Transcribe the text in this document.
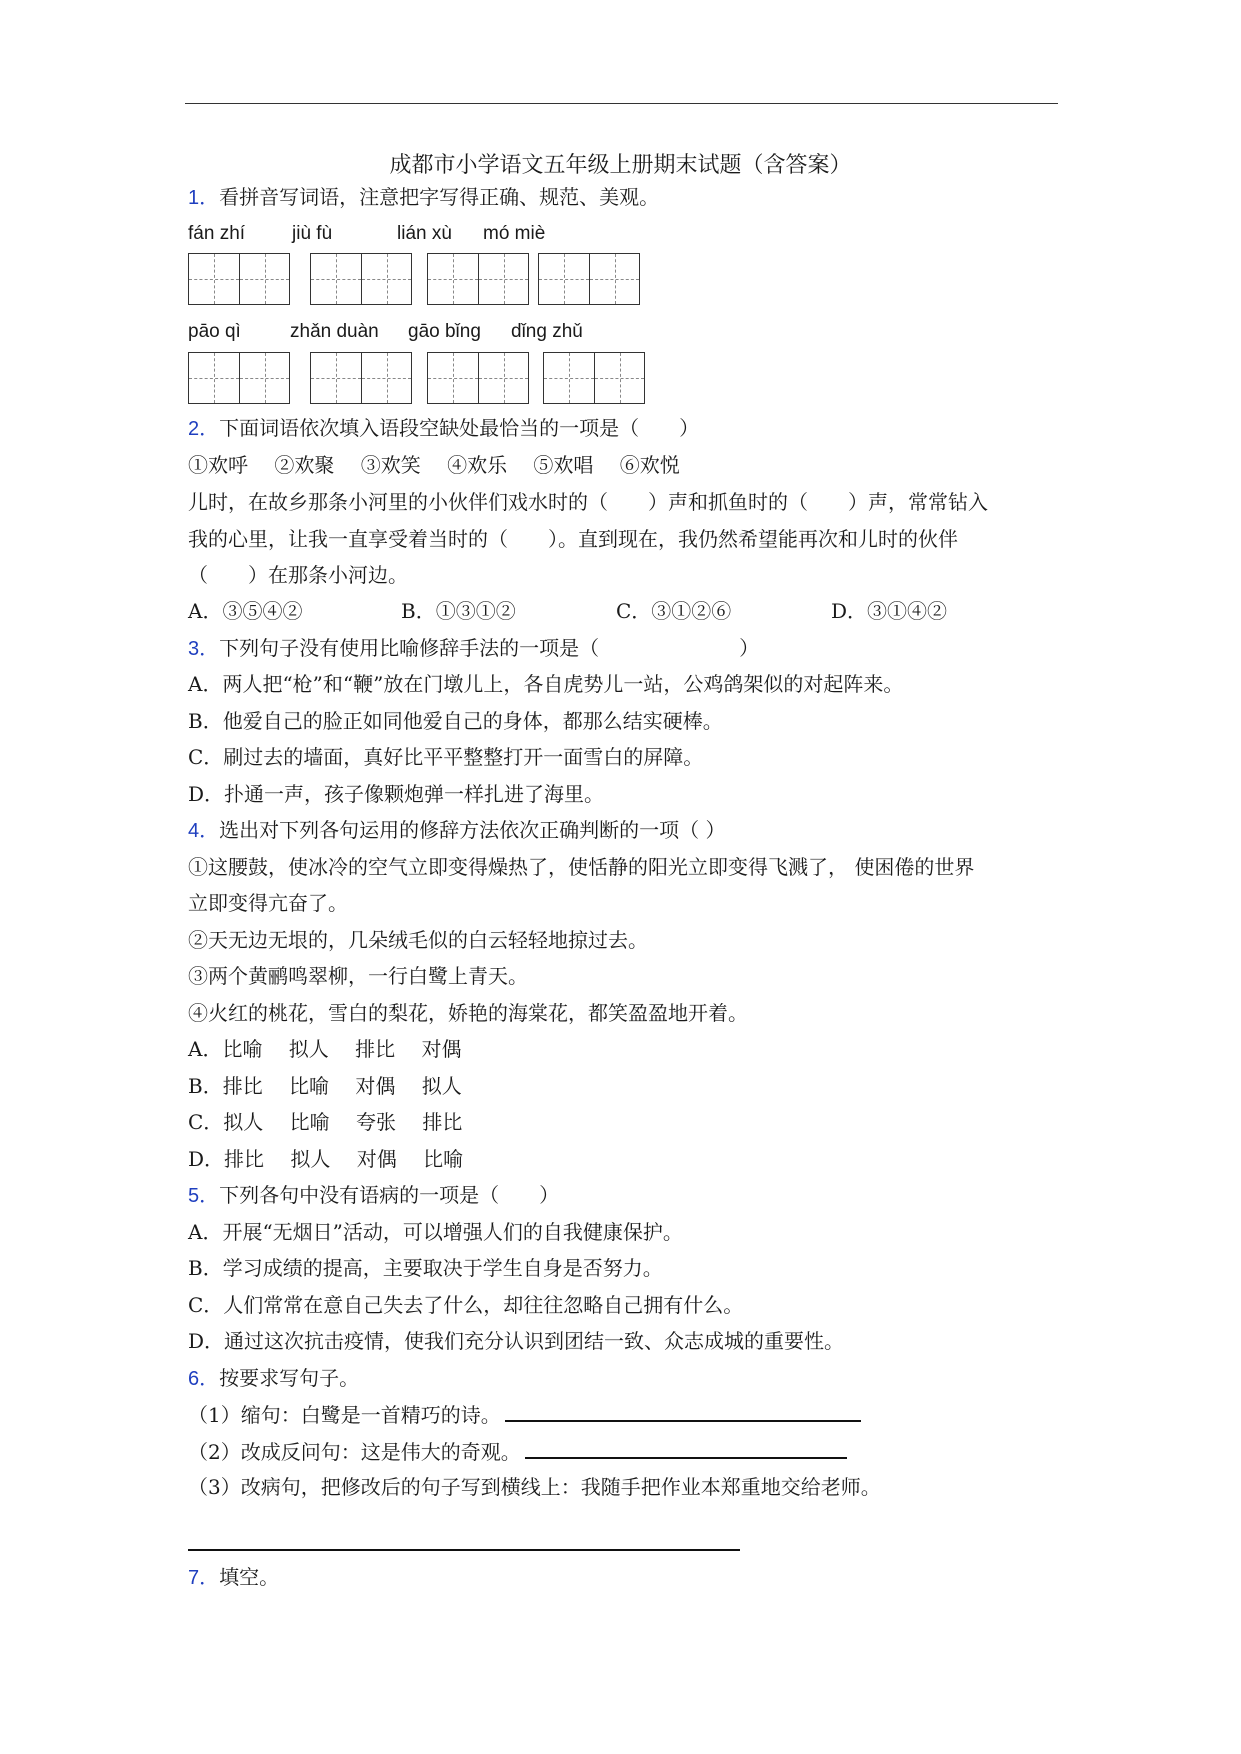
成都市小学语文五年级上册期末试题（含答案）
1．看拼音写词语，注意把字写得正确、规范、美观。
fán zhí jiù fù	lián xù mó miè
pāo qì	zhǎn duàn gāo bǐng dǐng zhǔ
2．下面词语依次填入语段空缺处最恰当的一项是（　　）
①欢呼　 ②欢聚　 ③欢笑　 ④欢乐　 ⑤欢唱　 ⑥欢悦
儿时，在故乡那条小河里的小伙伴们戏水时的（　　）声和抓鱼时的（　　）声，常常钻入
我的心里，让我一直享受着当时的（　　）。直到现在，我仍然希望能再次和儿时的伙伴
（　　）在那条小河边。
A．③⑤④②	B．①③①②	C．③①②⑥	D．③①④②
3．下列句子没有使用比喻修辞手法的一项是（　　　　　　　）
A．两人把“枪”和“鞭”放在门墩儿上，各自虎势儿一站，公鸡鸽架似的对起阵来。
B．他爱自己的脸正如同他爱自己的身体，都那么结实硬棒。
C．刷过去的墙面，真好比平平整整打开一面雪白的屏障。
D．扑通一声，孩子像颗炮弹一样扎进了海里。
4．选出对下列各句运用的修辞方法依次正确判断的一项（ ）
①这腰鼓，使冰冷的空气立即变得燥热了，使恬静的阳光立即变得飞溅了， 使困倦的世界
立即变得亢奋了。
②天无边无垠的，几朵绒毛似的白云轻轻地掠过去。
③两个黄鹂鸣翠柳，一行白鹭上青天。
④火红的桃花，雪白的梨花，娇艳的海棠花，都笑盈盈地开着。
A．比喻　 拟人　 排比　 对偶
B．排比　 比喻　 对偶　 拟人
C．拟人　 比喻　 夸张　 排比
D．排比　 拟人　 对偶　 比喻
5．下列各句中没有语病的一项是（　　）
A．开展“无烟日”活动，可以增强人们的自我健康保护。
B．学习成绩的提高，主要取决于学生自身是否努力。
C．人们常常在意自己失去了什么，却往往忽略自己拥有什么。
D．通过这次抗击疫情，使我们充分认识到团结一致、众志成城的重要性。
6．按要求写句子。
（1）缩句：白鹭是一首精巧的诗。
（2）改成反问句：这是伟大的奇观。
（3）改病句，把修改后的句子写到横线上：我随手把作业本郑重地交给老师。
7．填空。
